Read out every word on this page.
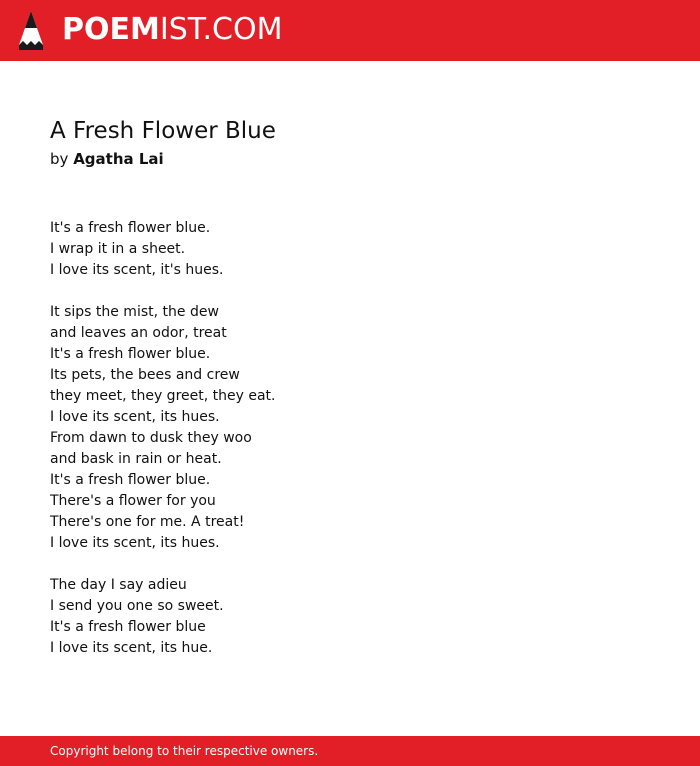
POEMIST.COM
A Fresh Flower Blue
by Agatha Lai
It's a fresh flower blue.
I wrap it in a sheet.
I love its scent, it's hues.
It sips the mist, the dew
and leaves an odor, treat
It's a fresh flower blue.
Its pets, the bees and crew
they meet, they greet, they eat.
I love its scent, its hues.
From dawn to dusk they woo
and bask in rain or heat.
It's a fresh flower blue.
There's a flower for you
There's one for me. A treat!
I love its scent, its hues.
The day I say adieu
I send you one so sweet.
It's a fresh flower blue
I love its scent, its hue.
Copyright belong to their respective owners.
